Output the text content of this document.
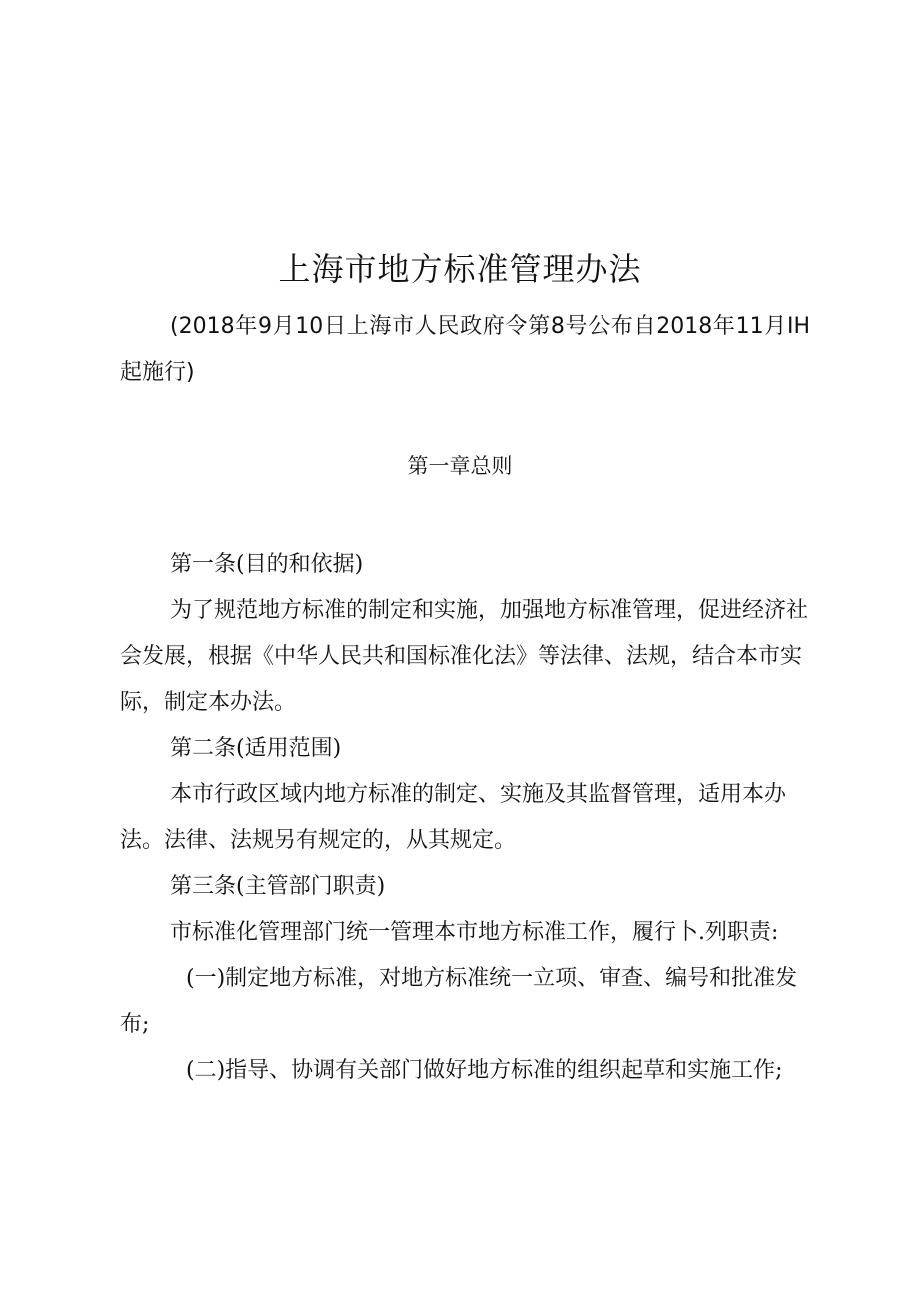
上海市地方标准管理办法

(2018年9月10日上海市人民政府令第8号公布自2018年11月IH起施行)

第一章总则

第一条(目的和依据)

为了规范地方标准的制定和实施，加强地方标准管理，促进经济社会发展，根据《中华人民共和国标准化法》等法律、法规，结合本市实际，制定本办法。

第二条(适用范围)

本市行政区域内地方标准的制定、实施及其监督管理，适用本办法。法律、法规另有规定的，从其规定。

第三条(主管部门职责)

市标准化管理部门统一管理本市地方标准工作，履行卜.列职责:

(一)制定地方标准，对地方标准统一立项、审查、编号和批准发布;

(二)指导、协调有关部门做好地方标准的组织起草和实施工作;
